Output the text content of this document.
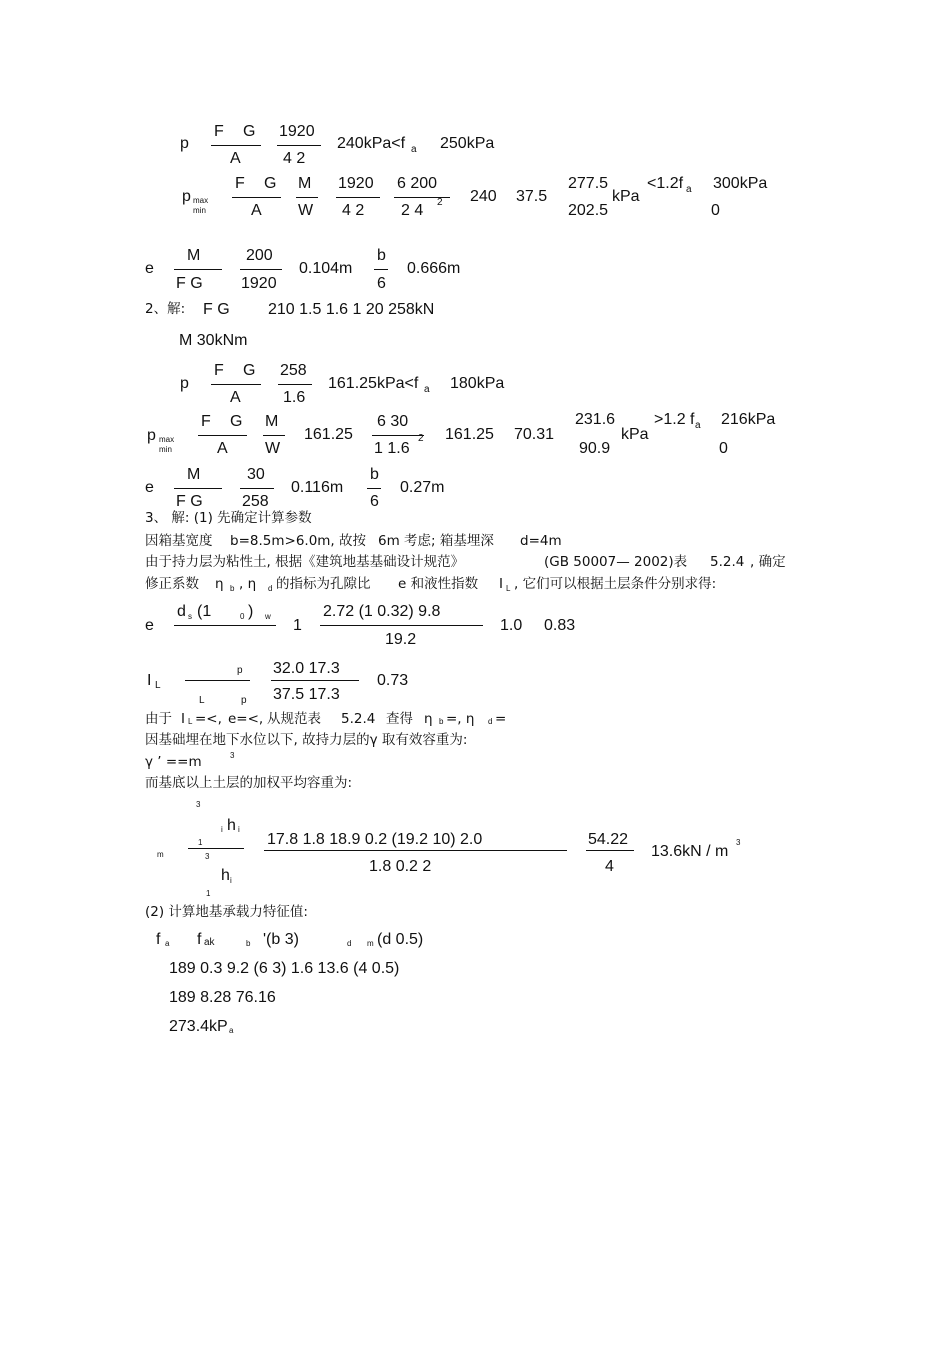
p
F G
A
1920
4 2
240kPa<f a 250kPa
p max
min
F G
A
M
W
1920
4 2
6 200
2 4 2 240 37.5
277.5
202.5
kPa
<1.2f a 300kPa
0
e
M
F G
200
1920
0.104m
b
6
0.666m
2、解: F G 210 1.5 1.6 1 20 258kN
M 30kNm
p
F G
A
258
1.6
161.25kPa<f a 180kPa
p max
min
F G
A
M
W
161.25
6 30
1 1.6
2 161.25 70.31
231.6
90.9
kPa
>1.2 f a 216kPa
0
e
M
F G
30
258
0.116m
b
6
0.27m
3、 解: (1) 先确定计算参数
因箱基宽度 b=8.5m>6.0m, 故按 6m 考虑; 箱基埋深 d=4m
由于持力层为粘性土, 根据《建筑地基基础设计规范》	(GB 50007— 2002)表 5.2.4 , 确定
修正系数 η b , η d 的指标为孔隙比 e 和液性指数 I L , 它们可以根据土层条件分别求得:
e
d s (1	0 ) w
1
2.72 (1 0.32) 9.8
19.2
1.0 0.83
I L
p
L	p
32.0 17.3
37.5 17.3
0.73
由于 I L =<, e=<, 从规范表 5.2.4 查得 η b =, η d =
因基础埋在地下水位以下, 故持力层的γ 取有效容重为:
γ ’ ==m	3
而基底以上土层的加权平均容重为:
m
3
i h i
1
3
h i
1
17.8 1.8 18.9 0.2 (19.2 10) 2.0
1.8 0.2 2
54.22
4
13.6kN / m
3
(2) 计算地基承载力特征值:
f a f ak	b '(b 3)	d m (d 0.5)
189 0.3 9.2 (6 3) 1.6 13.6 (4 0.5)
189 8.28 76.16
273.4kP a
